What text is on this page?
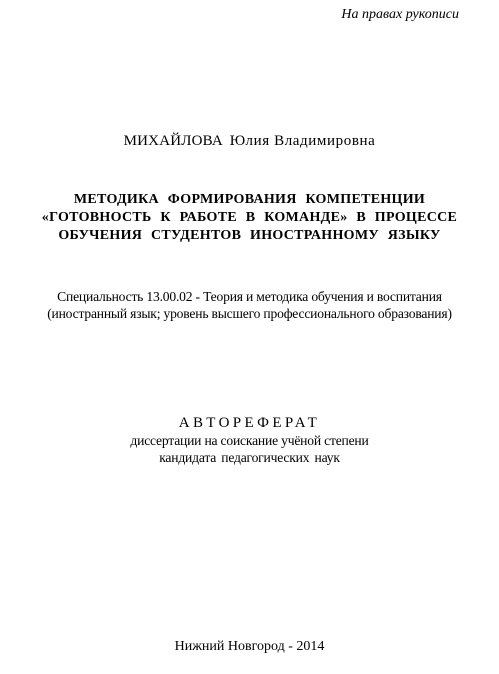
На правах рукописи
МИХАЙЛОВА Юлия Владимировна
МЕТОДИКА ФОРМИРОВАНИЯ КОМПЕТЕНЦИИ
«ГОТОВНОСТЬ К РАБОТЕ В КОМАНДЕ» В ПРОЦЕССЕ
ОБУЧЕНИЯ СТУДЕНТОВ ИНОСТРАННОМУ ЯЗЫКУ
Специальность 13.00.02 - Теория и методика обучения и воспитания
(иностранный язык; уровень высшего профессионального образования)
АВТОРЕФЕРАТ
диссертации на соискание учёной степени
кандидата педагогических наук
Нижний Новгород - 2014
